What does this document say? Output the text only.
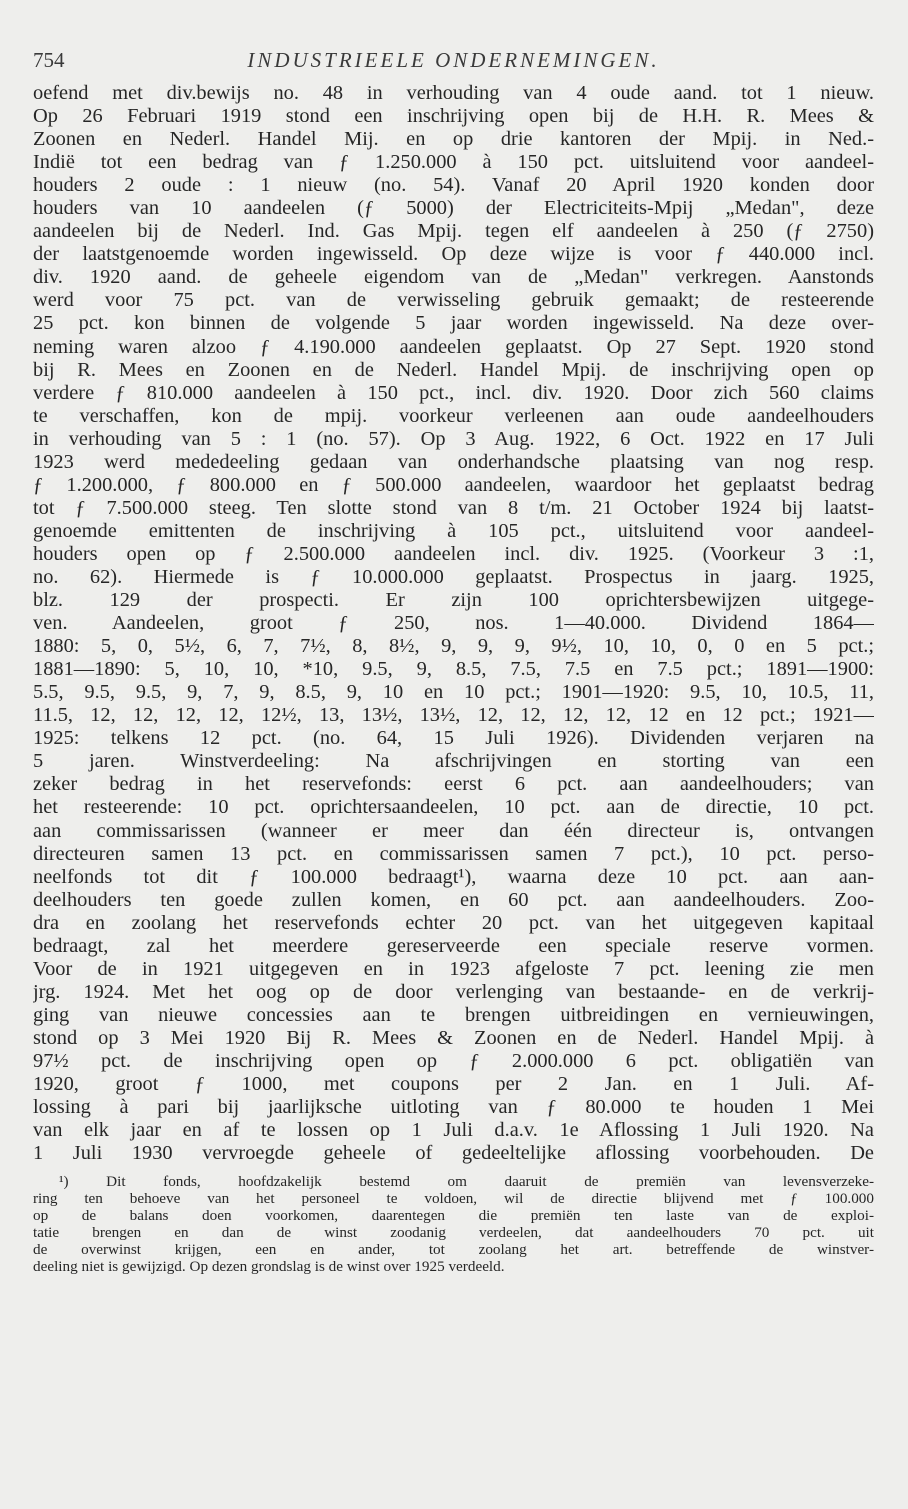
754	INDUSTRIEELE ONDERNEMINGEN.
oefend met div.bewijs no. 48 in verhouding van 4 oude aand. tot 1 nieuw.
Op 26 Februari 1919 stond een inschrijving open bij de H.H. R. Mees &
Zoonen en Nederl. Handel Mij. en op drie kantoren der Mpij. in Ned.-
Indië tot een bedrag van ƒ 1.250.000 à 150 pct. uitsluitend voor aandeel-
houders 2 oude : 1 nieuw (no. 54). Vanaf 20 April 1920 konden door
houders van 10 aandeelen (ƒ 5000) der Electriciteits-Mpij „Medan", deze
aandeelen bij de Nederl. Ind. Gas Mpij. tegen elf aandeelen à 250 (ƒ 2750)
der laatstgenoemde worden ingewisseld. Op deze wijze is voor ƒ 440.000 incl.
div. 1920 aand. de geheele eigendom van de „Medan" verkregen. Aanstonds
werd voor 75 pct. van de verwisseling gebruik gemaakt; de resteerende
25 pct. kon binnen de volgende 5 jaar worden ingewisseld. Na deze over-
neming waren alzoo ƒ 4.190.000 aandeelen geplaatst. Op 27 Sept. 1920 stond
bij R. Mees en Zoonen en de Nederl. Handel Mpij. de inschrijving open op
verdere ƒ 810.000 aandeelen à 150 pct., incl. div. 1920. Door zich 560 claims
te verschaffen, kon de mpij. voorkeur verleenen aan oude aandeelhouders
in verhouding van 5 : 1 (no. 57). Op 3 Aug. 1922, 6 Oct. 1922 en 17 Juli
1923 werd mededeeling gedaan van onderhandsche plaatsing van nog resp.
ƒ 1.200.000, ƒ 800.000 en ƒ 500.000 aandeelen, waardoor het geplaatst bedrag
tot ƒ 7.500.000 steeg. Ten slotte stond van 8 t/m. 21 October 1924 bij laatst-
genoemde emittenten de inschrijving à 105 pct., uitsluitend voor aandeel-
houders open op ƒ 2.500.000 aandeelen incl. div. 1925. (Voorkeur 3 :1,
no. 62). Hiermede is ƒ 10.000.000 geplaatst. Prospectus in jaarg. 1925,
blz. 129 der prospecti. Er zijn 100 oprichtersbewijzen uitgege-
ven. Aandeelen, groot ƒ 250, nos. 1—40.000. Dividend 1864—
1880: 5, 0, 5½, 6, 7, 7½, 8, 8½, 9, 9, 9, 9½, 10, 10, 0, 0 en 5 pct.;
1881—1890: 5, 10, 10, *10, 9.5, 9, 8.5, 7.5, 7.5 en 7.5 pct.; 1891—1900:
5.5, 9.5, 9.5, 9, 7, 9, 8.5, 9, 10 en 10 pct.; 1901—1920: 9.5, 10, 10.5, 11,
11.5, 12, 12, 12, 12, 12½, 13, 13½, 13½, 12, 12, 12, 12, 12 en 12 pct.; 1921—
1925: telkens 12 pct. (no. 64, 15 Juli 1926). Dividenden verjaren na
5 jaren. Winstverdeeling: Na afschrijvingen en storting van een
zeker bedrag in het reservefonds: eerst 6 pct. aan aandeelhouders; van
het resteerende: 10 pct. oprichtersaandeelen, 10 pct. aan de directie, 10 pct.
aan commissarissen (wanneer er meer dan één directeur is, ontvangen
directeuren samen 13 pct. en commissarissen samen 7 pct.), 10 pct. perso-
neelfonds tot dit ƒ 100.000 bedraagt¹), waarna deze 10 pct. aan aan-
deelhouders ten goede zullen komen, en 60 pct. aan aandeelhouders. Zoo-
dra en zoolang het reservefonds echter 20 pct. van het uitgegeven kapitaal
bedraagt, zal het meerdere gereserveerde een speciale reserve vormen.
Voor de in 1921 uitgegeven en in 1923 afgeloste 7 pct. leening zie men
jrg. 1924. Met het oog op de door verlenging van bestaande- en de verkrij-
ging van nieuwe concessies aan te brengen uitbreidingen en vernieuwingen,
stond op 3 Mei 1920 Bij R. Mees & Zoonen en de Nederl. Handel Mpij. à
97½ pct. de inschrijving open op ƒ 2.000.000 6 pct. obligatiën van
1920, groot ƒ 1000, met coupons per 2 Jan. en 1 Juli. Af-
lossing à pari bij jaarlijksche uitloting van ƒ 80.000 te houden 1 Mei
van elk jaar en af te lossen op 1 Juli d.a.v. 1e Aflossing 1 Juli 1920. Na
1 Juli 1930 vervroegde geheele of gedeeltelijke aflossing voorbehouden. De
¹) Dit fonds, hoofdzakelijk bestemd om daaruit de premiën van levensverzeke-
ring ten behoeve van het personeel te voldoen, wil de directie blijvend met ƒ 100.000
op de balans doen voorkomen, daarentegen die premiën ten laste van de exploi-
tatie brengen en dan de winst zoodanig verdeelen, dat aandeelhouders 70 pct. uit
de overwinst krijgen, een en ander, tot zoolang het art. betreffende de winstver-
deeling niet is gewijzigd. Op dezen grondslag is de winst over 1925 verdeeld.
